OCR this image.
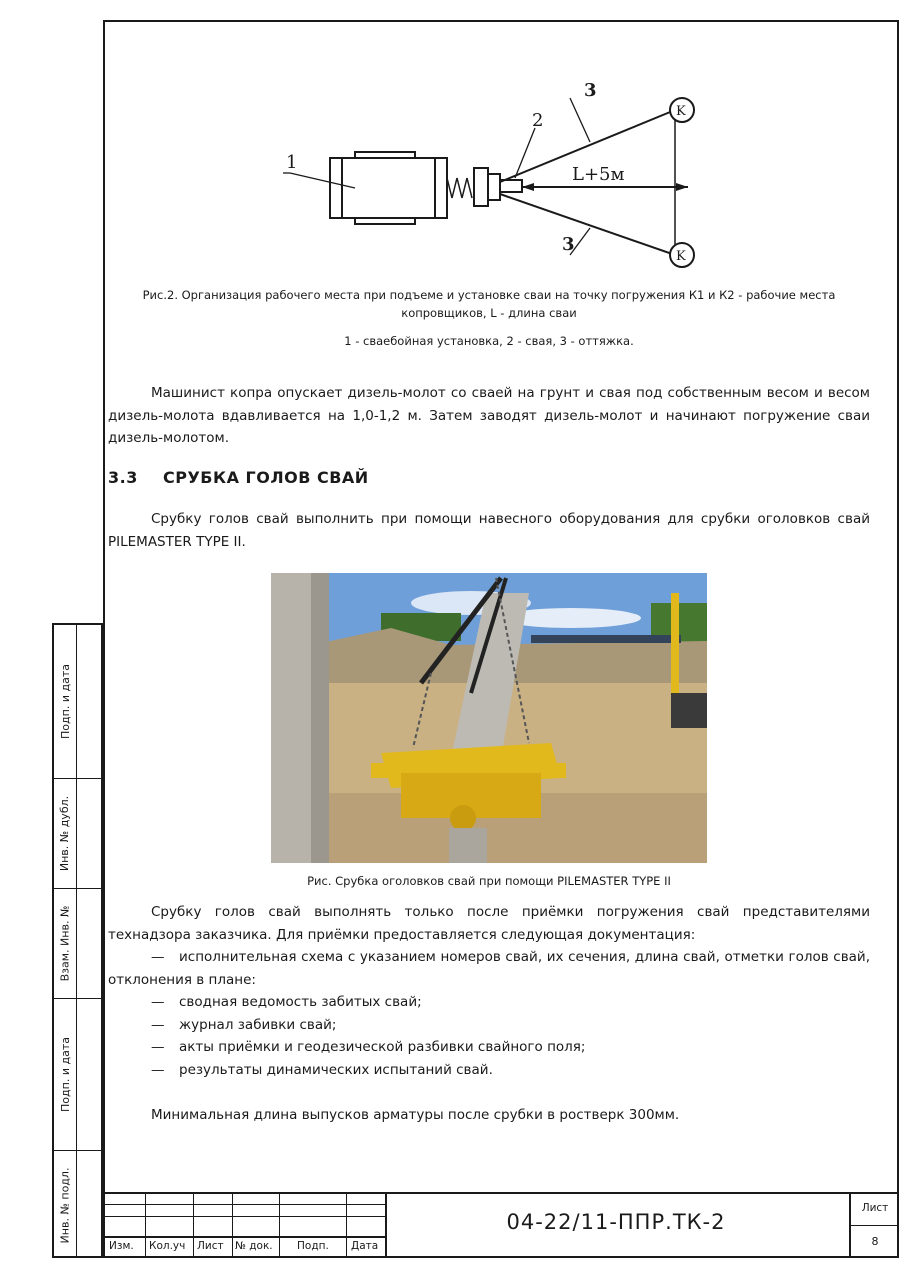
Подп. и дата
Инв. № дубл.
Взам. Инв. №
Подп. и дата
Инв. № подл.
1
2
3
3
K
K
L+5м
Рис.2. Организация рабочего места при подъеме и установке сваи на точку погружения К1 и К2 - рабочие места
копровщиков, L - длина сваи
1 - сваебойная установка, 2 - свая, 3 - оттяжка.
Машинист копра опускает дизель-молот со сваей на грунт и свая под собственным весом и весом дизель-молота вдавливается на 1,0-1,2 м. Затем заводят дизель-молот и начинают погружение сваи дизель-молотом.
3.3 СРУБКА ГОЛОВ СВАЙ
Срубку голов свай выполнить при помощи навесного оборудования для срубки оголовков свай PILEMASTER TYPE II.
Рис. Срубка оголовков свай при помощи PILEMASTER TYPE II
Срубку голов свай выполнять только после приёмки погружения свай представителями технадзора заказчика. Для приёмки предоставляется следующая документация:
— исполнительная схема с указанием номеров свай, их сечения, длина свай, отметки голов свай, отклонения в плане:
— сводная ведомость забитых свай;
— журнал забивки свай;
— акты приёмки и геодезической разбивки свайного поля;
— результаты динамических испытаний свай.
Минимальная длина выпусков арматуры после срубки в ростверк 300мм.
Изм. Кол.уч Лист № док. Подп. Дата
04-22/11-ППР.ТК-2
Лист
8
